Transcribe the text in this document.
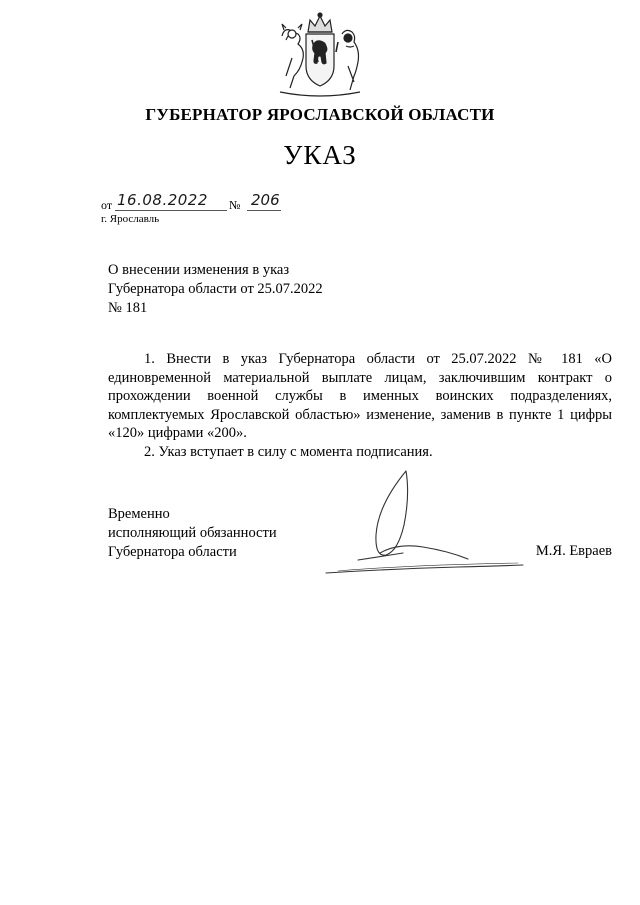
ГУБЕРНАТОР ЯРОСЛАВСКОЙ ОБЛАСТИ
УКАЗ
от 16.08.2022	№ 206
г. Ярославль
О внесении изменения в указ
Губернатора области от 25.07.2022
№ 181

1. Внести в указ Губернатора области от 25.07.2022 № 181 «О единовременной материальной выплате лицам, заключившим контракт о прохождении военной службы в именных воинских подразделениях, комплектуемых Ярославской областью» изменение, заменив в пункте 1 цифры «120» цифрами «200».

2. Указ вступает в силу с момента подписания.

Временно
исполняющий обязанности
Губернатора области	М.Я. Евраев
